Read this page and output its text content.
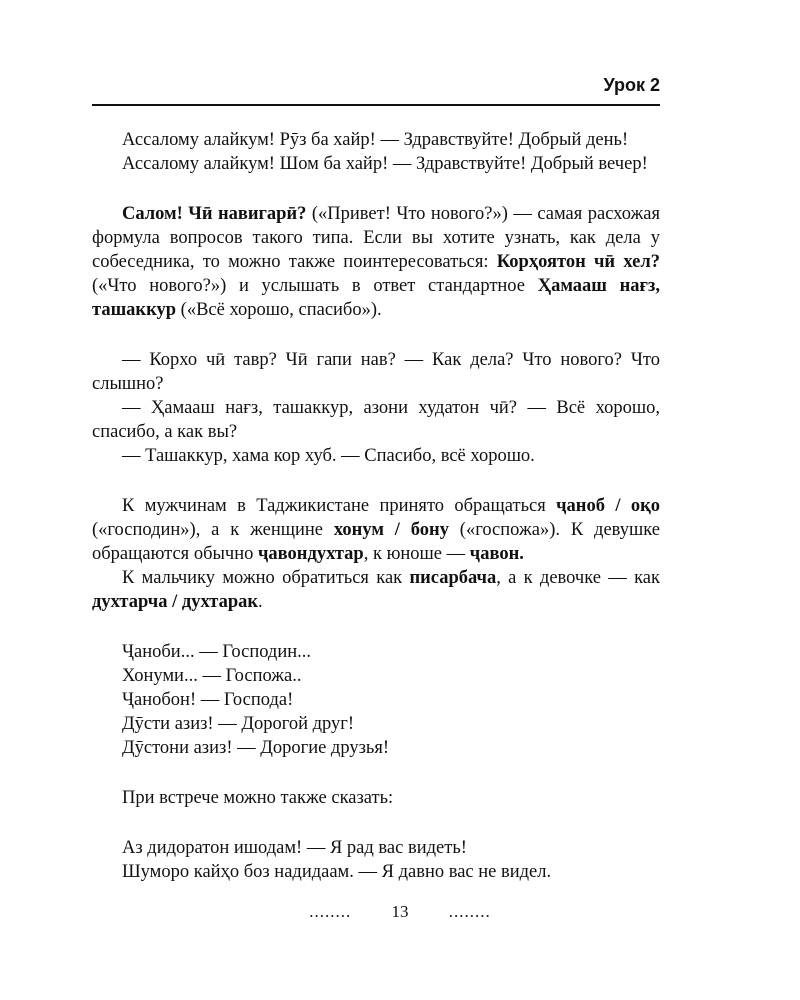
Урок 2

Ассалому алайкум! Рӯз ба хайр! — Здравствуйте! Добрый день!

Ассалому алайкум! Шом ба хайр! — Здравствуйте! Добрый вечер!

Салом! Чӣ навигарӣ? («Привет! Что нового?») — самая расхожая формула вопросов такого типа. Если вы хотите узнать, как дела у собеседника, то можно также поинтересоваться: Корҳоятон чӣ хел? («Что нового?») и услышать в ответ стандартное Ҳамааш нағз, ташаккур («Всё хорошо, спасибо»).

— Корхо чӣ тавр? Чӣ гапи нав? — Как дела? Что нового? Что слышно?

— Ҳамааш нағз, ташаккур, азони худатон чӣ? — Всё хорошо, спасибо, а как вы?

— Ташаккур, хама кор хуб. — Спасибо, всё хорошо.

К мужчинам в Таджикистане принято обращаться ҷаноб / оқо («господин»), а к женщине хонум / бону («госпожа»). К девушке обращаются обычно ҷавондухтар, к юноше — ҷавон.

К мальчику можно обратиться как писарбача, а к девочке — как духтарча / духтарак.

Ҷаноби... — Господин...

Хонуми... — Госпожа..

Ҷанобон! — Господа!

Дӯсти азиз! — Дорогой друг!

Дӯстони азиз! — Дорогие друзья!

При встрече можно также сказать:

Аз дидоратон ишодам! — Я рад вас видеть!

Шуморо кайҳо боз надидаам. — Я давно вас не видел.

........ 13 ........
